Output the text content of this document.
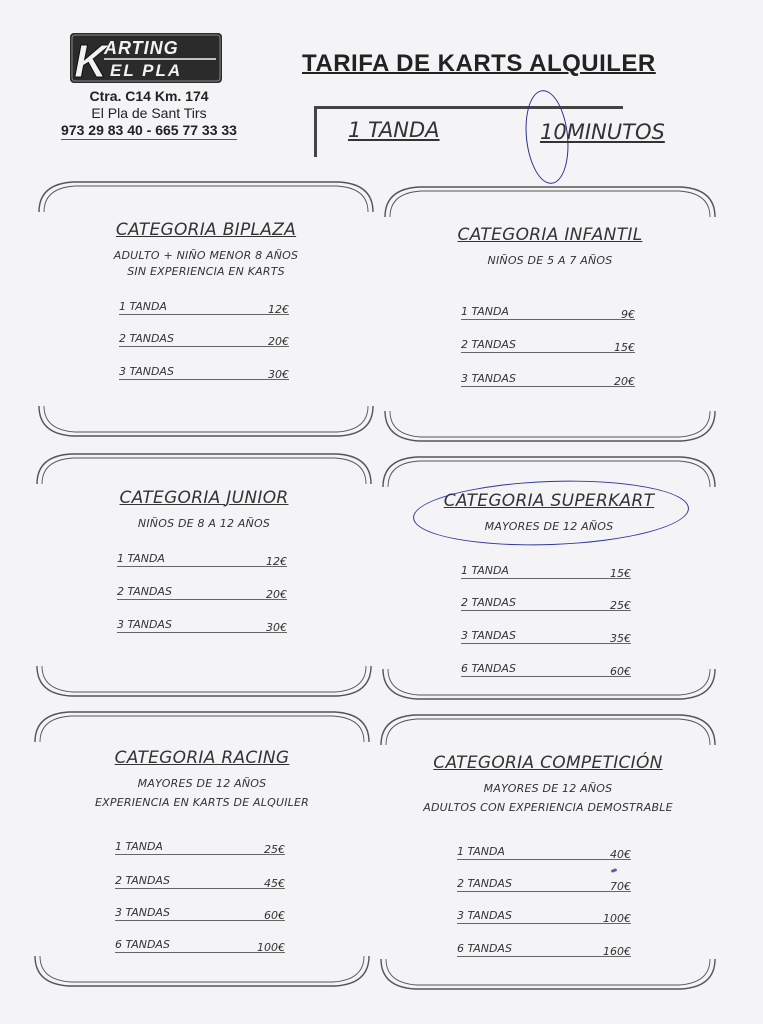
K
ARTING
EL PLA
Ctra. C14 Km. 174
El Pla de Sant Tirs
973 29 83 40 - 665 77 33 33
TARIFA DE KARTS ALQUILER
1 TANDA	10MINUTOS
CATEGORIA BIPLAZA
ADULTO + NIÑO MENOR 8 AÑOS
SIN EXPERIENCIA EN KARTS
1 TANDA	12€
2 TANDAS	20€
3 TANDAS	30€
CATEGORIA INFANTIL
NIÑOS DE 5 A 7 AÑOS
1 TANDA	9€
2 TANDAS	15€
3 TANDAS	20€
CATEGORIA JUNIOR
NIÑOS DE 8 A 12 AÑOS
1 TANDA	12€
2 TANDAS	20€
3 TANDAS	30€
CATEGORIA SUPERKART
MAYORES DE 12 AÑOS
1 TANDA	15€
2 TANDAS	25€
3 TANDAS	35€
6 TANDAS	60€
CATEGORIA RACING
MAYORES DE 12 AÑOS
EXPERIENCIA EN KARTS DE ALQUILER
1 TANDA	25€
2 TANDAS	45€
3 TANDAS	60€
6 TANDAS	100€
CATEGORIA COMPETICIÓN
MAYORES DE 12 AÑOS
ADULTOS CON EXPERIENCIA DEMOSTRABLE
1 TANDA	40€
2 TANDAS	70€
3 TANDAS	100€
6 TANDAS	160€
